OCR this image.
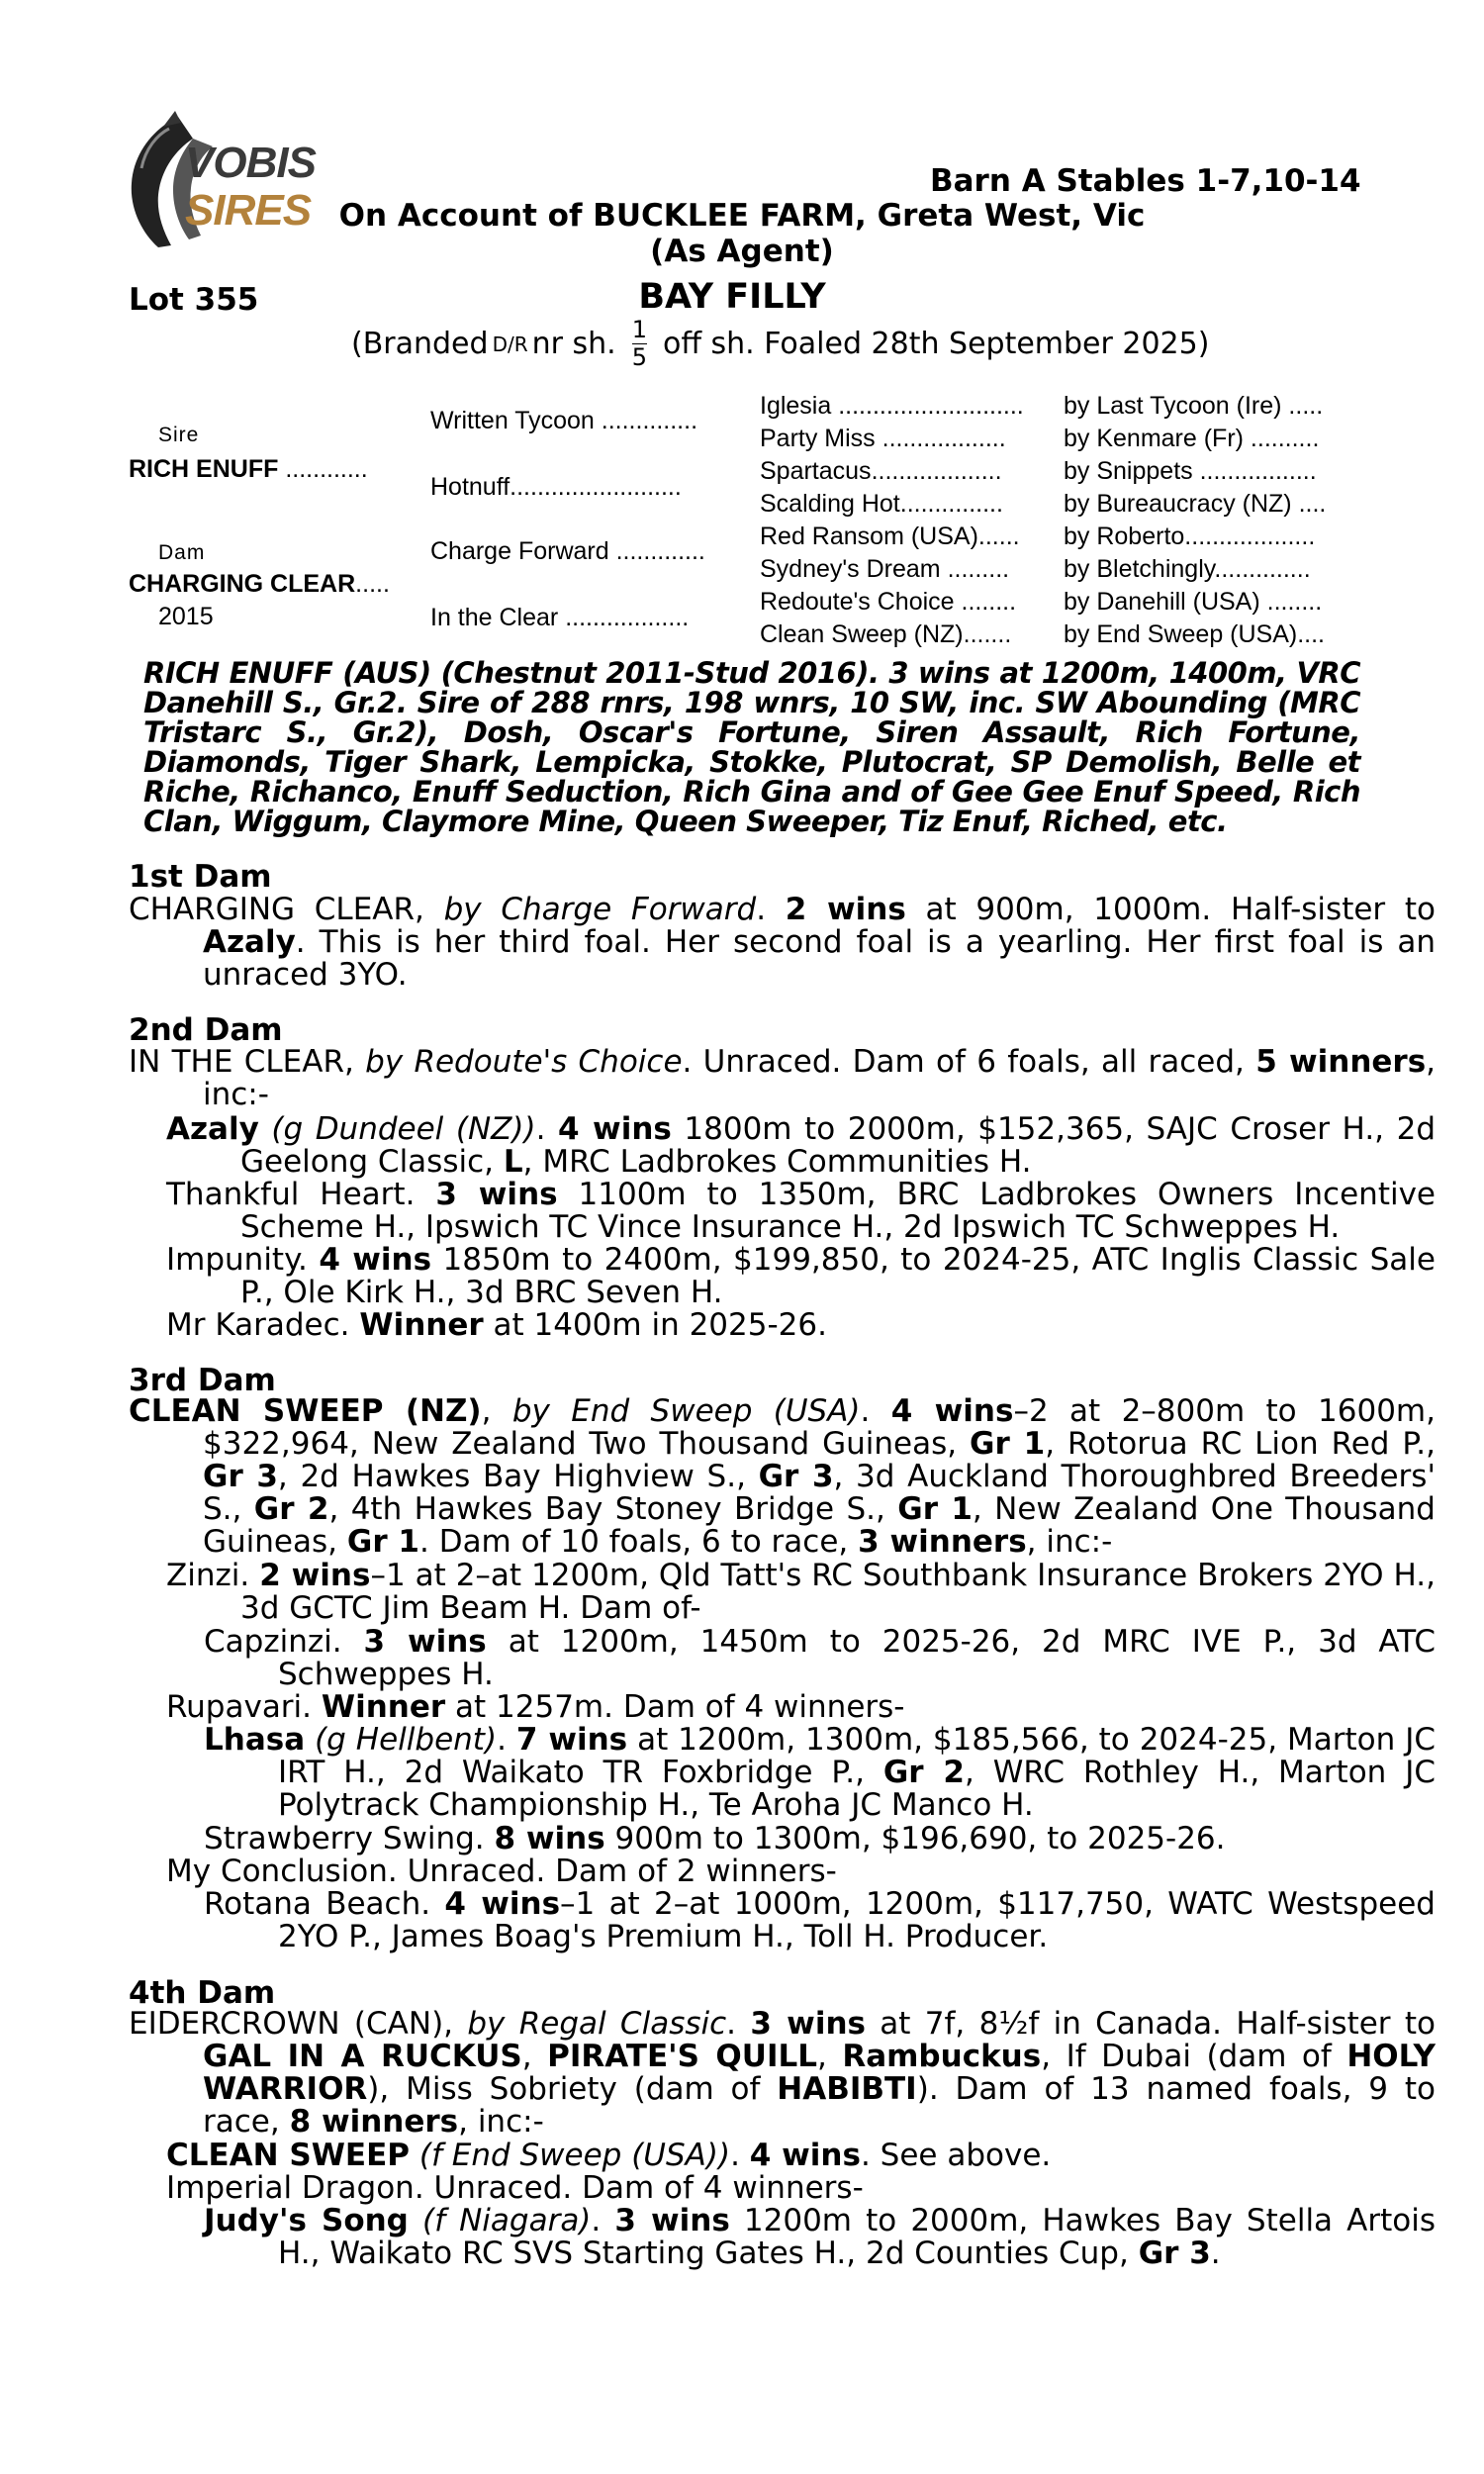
VOBIS
SIRES
Barn A Stables 1-7,10-14
On Account of BUCKLEE FARM, Greta West, Vic
(As Agent)
Lot 355	BAY FILLY
(Branded D/R nr sh. $\frac{1}{5}$ off sh. Foaled 28th September 2025)
Sire
RICH ENUFF ............
Dam
CHARGING CLEAR.....
2015
Written Tycoon ..............
Hotnuff.........................
Charge Forward .............
In the Clear ..................
Iglesia ...........................
Party Miss ..................
Spartacus...................
Scalding Hot...............
Red Ransom (USA)......
Sydney's Dream .........
Redoute's Choice ........
Clean Sweep (NZ).......
by Last Tycoon (Ire) .....
by Kenmare (Fr) ..........
by Snippets .................
by Bureaucracy (NZ) ....
by Roberto...................
by Bletchingly..............
by Danehill (USA) ........
by End Sweep (USA)....
RICH ENUFF (AUS) (Chestnut 2011-Stud 2016). 3 wins at 1200m, 1400m, VRC Danehill S., Gr.2. Sire of 288 rnrs, 198 wnrs, 10 SW, inc. SW Abounding (MRC Tristarc S., Gr.2), Dosh, Oscar's Fortune, Siren Assault, Rich Fortune, Diamonds, Tiger Shark, Lempicka, Stokke, Plutocrat, SP Demolish, Belle et Riche, Richanco, Enuff Seduction, Rich Gina and of Gee Gee Enuf Speed, Rich Clan, Wiggum, Claymore Mine, Queen Sweeper, Tiz Enuf, Riched, etc.
1st Dam
CHARGING CLEAR, by Charge Forward. 2 wins at 900m, 1000m. Half-sister to Azaly. This is her third foal. Her second foal is a yearling. Her first foal is an unraced 3YO.
2nd Dam
IN THE CLEAR, by Redoute's Choice. Unraced. Dam of 6 foals, all raced, 5 winners, inc:-
Azaly (g Dundeel (NZ)). 4 wins 1800m to 2000m, $152,365, SAJC Croser H., 2d Geelong Classic, L, MRC Ladbrokes Communities H.
Thankful Heart. 3 wins 1100m to 1350m, BRC Ladbrokes Owners Incentive Scheme H., Ipswich TC Vince Insurance H., 2d Ipswich TC Schweppes H.
Impunity. 4 wins 1850m to 2400m, $199,850, to 2024-25, ATC Inglis Classic Sale P., Ole Kirk H., 3d BRC Seven H.
Mr Karadec. Winner at 1400m in 2025-26.
3rd Dam
CLEAN SWEEP (NZ), by End Sweep (USA). 4 wins–2 at 2–800m to 1600m, $322,964, New Zealand Two Thousand Guineas, Gr 1, Rotorua RC Lion Red P., Gr 3, 2d Hawkes Bay Highview S., Gr 3, 3d Auckland Thoroughbred Breeders' S., Gr 2, 4th Hawkes Bay Stoney Bridge S., Gr 1, New Zealand One Thousand Guineas, Gr 1. Dam of 10 foals, 6 to race, 3 winners, inc:-
Zinzi. 2 wins–1 at 2–at 1200m, Qld Tatt's RC Southbank Insurance Brokers 2YO H., 3d GCTC Jim Beam H. Dam of-
Capzinzi. 3 wins at 1200m, 1450m to 2025-26, 2d MRC IVE P., 3d ATC Schweppes H.
Rupavari. Winner at 1257m. Dam of 4 winners-
Lhasa (g Hellbent). 7 wins at 1200m, 1300m, $185,566, to 2024-25, Marton JC IRT H., 2d Waikato TR Foxbridge P., Gr 2, WRC Rothley H., Marton JC Polytrack Championship H., Te Aroha JC Manco H.
Strawberry Swing. 8 wins 900m to 1300m, $196,690, to 2025-26.
My Conclusion. Unraced. Dam of 2 winners-
Rotana Beach. 4 wins–1 at 2–at 1000m, 1200m, $117,750, WATC Westspeed 2YO P., James Boag's Premium H., Toll H. Producer.
4th Dam
EIDERCROWN (CAN), by Regal Classic. 3 wins at 7f, 8½f in Canada. Half-sister to GAL IN A RUCKUS, PIRATE'S QUILL, Rambuckus, If Dubai (dam of HOLY WARRIOR), Miss Sobriety (dam of HABIBTI). Dam of 13 named foals, 9 to race, 8 winners, inc:-
CLEAN SWEEP (f End Sweep (USA)). 4 wins. See above.
Imperial Dragon. Unraced. Dam of 4 winners-
Judy's Song (f Niagara). 3 wins 1200m to 2000m, Hawkes Bay Stella Artois H., Waikato RC SVS Starting Gates H., 2d Counties Cup, Gr 3.
